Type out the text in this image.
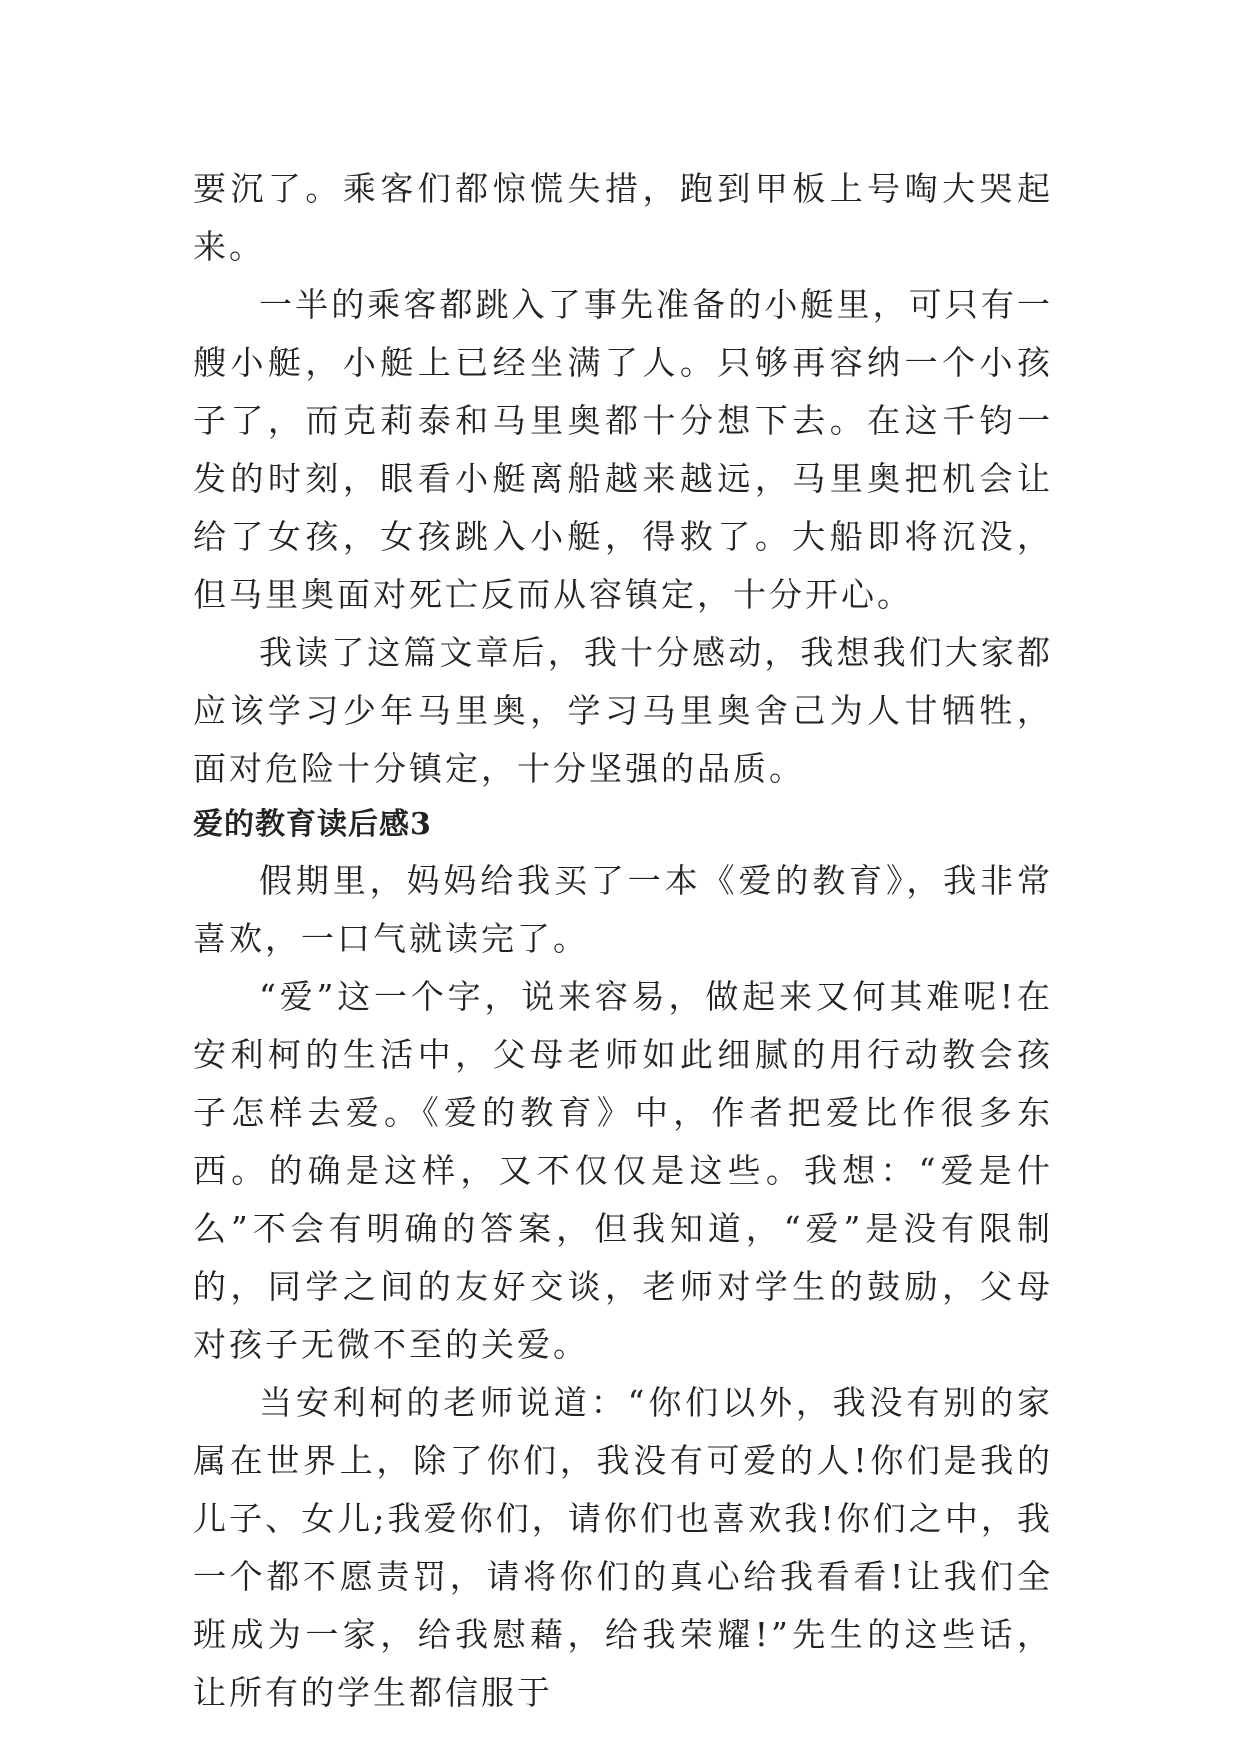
要沉了。乘客们都惊慌失措，跑到甲板上号啕大哭起来。

一半的乘客都跳入了事先准备的小艇里，可只有一艘小艇，小艇上已经坐满了人。只够再容纳一个小孩子了，而克莉泰和马里奥都十分想下去。在这千钧一发的时刻，眼看小艇离船越来越远，马里奥把机会让给了女孩，女孩跳入小艇，得救了。大船即将沉没，但马里奥面对死亡反而从容镇定，十分开心。

我读了这篇文章后，我十分感动，我想我们大家都应该学习少年马里奥，学习马里奥舍己为人甘牺牲，面对危险十分镇定，十分坚强的品质。

爱的教育读后感3

假期里，妈妈给我买了一本《爱的教育》，我非常喜欢，一口气就读完了。

“爱”这一个字，说来容易，做起来又何其难呢!在安利柯的生活中，父母老师如此细腻的用行动教会孩子怎样去爱。《爱的教育》中，作者把爱比作很多东西。的确是这样，又不仅仅是这些。我想：“爱是什么”不会有明确的答案，但我知道，“爱”是没有限制的，同学之间的友好交谈，老师对学生的鼓励，父母对孩子无微不至的关爱。

当安利柯的老师说道：“你们以外，我没有别的家属在世界上，除了你们，我没有可爱的人!你们是我的儿子、女儿;我爱你们，请你们也喜欢我!你们之中，我一个都不愿责罚，请将你们的真心给我看看!让我们全班成为一家，给我慰藉，给我荣耀!”先生的这些话，让所有的学生都信服于
